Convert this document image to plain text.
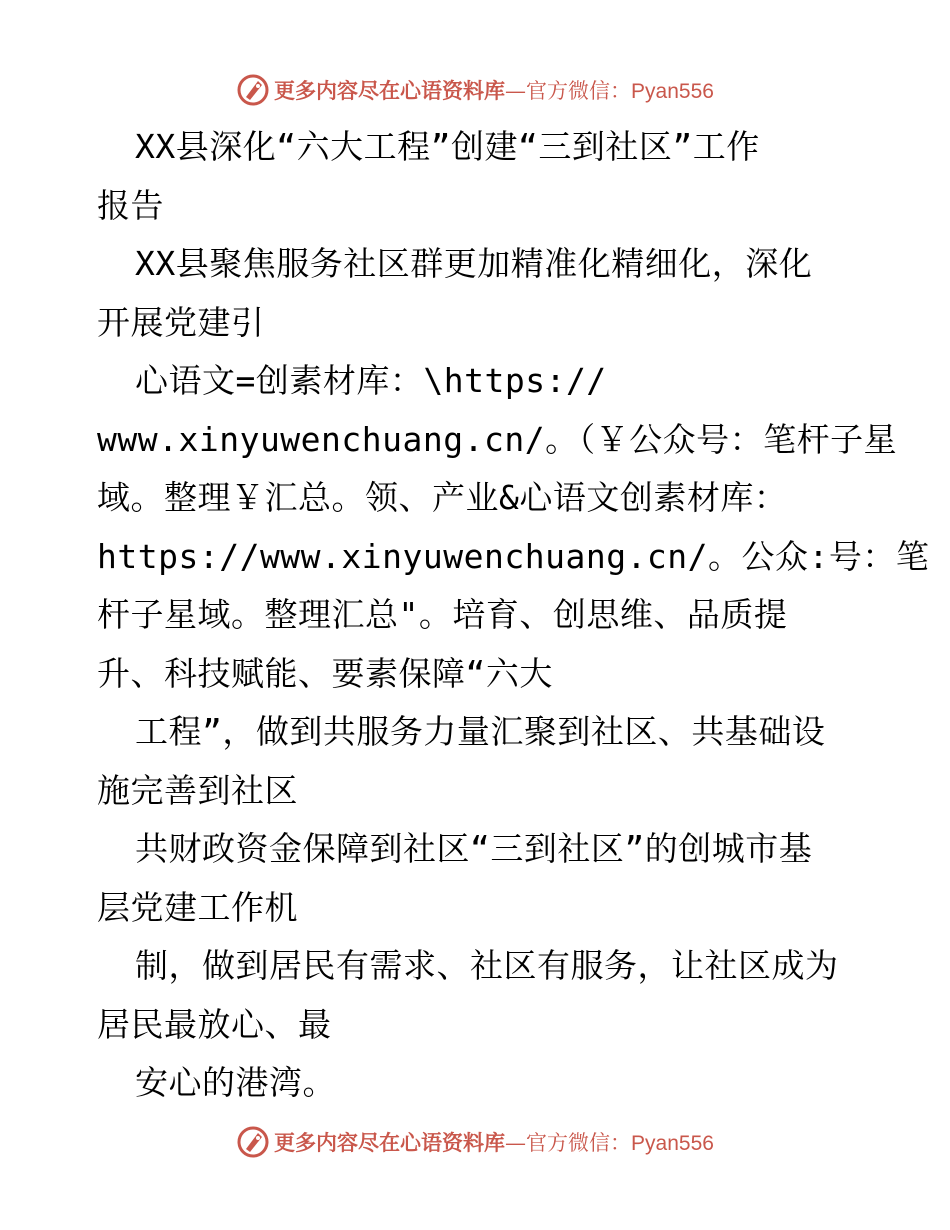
更多内容尽在心语资料库—官方微信：Pyan556

XX县深化“六大工程”创建“三到社区”工作

报告

XX县聚焦服务社区群更加精准化精细化，深化

开展党建引

心语文=创素材库：\https://

www.xinyuwenchuang.cn/。（￥公众号：笔杆子星

域。整理￥汇总。领、产业&心语文创素材库：

https://www.xinyuwenchuang.cn/。公众:号：笔

杆子星域。整理汇总"。培育、创思维、品质提

升、科技赋能、要素保障“六大

工程”，做到共服务力量汇聚到社区、共基础设

施完善到社区

共财政资金保障到社区“三到社区”的创城市基

层党建工作机

制，做到居民有需求、社区有服务，让社区成为

居民最放心、最

安心的港湾。

更多内容尽在心语资料库—官方微信：Pyan556
